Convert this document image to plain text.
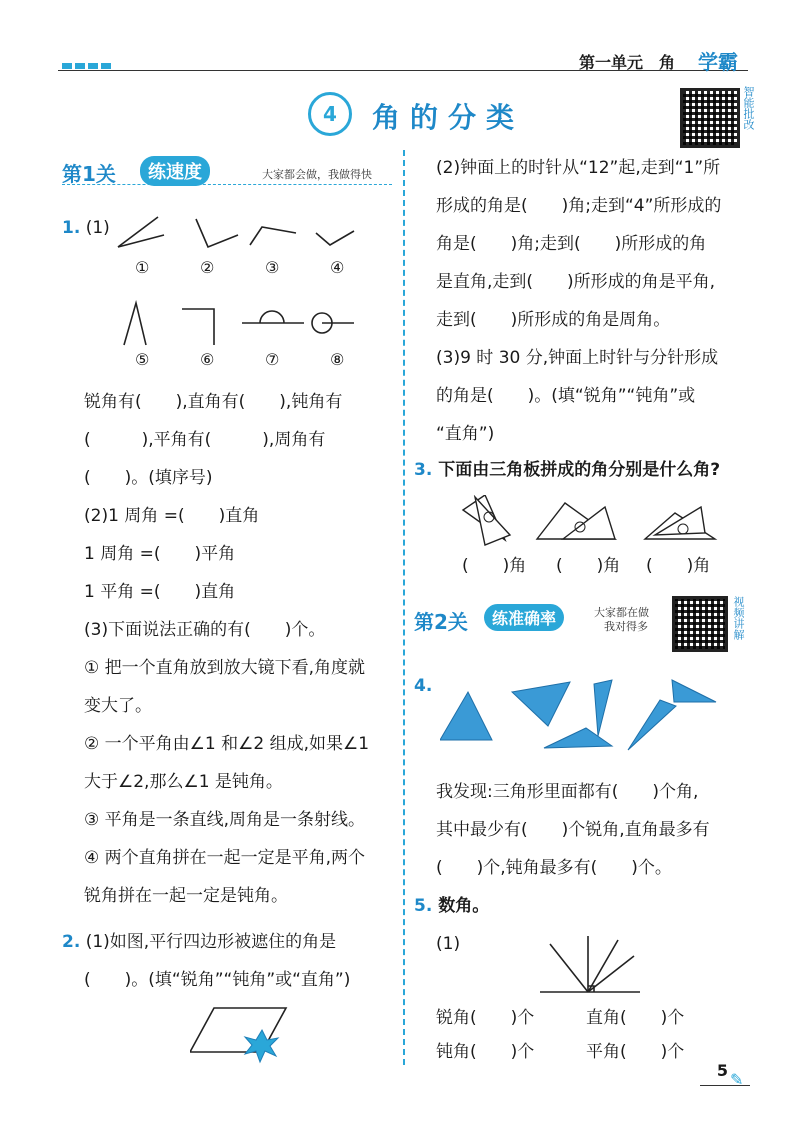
第一单元　角 学霸
4	角的分类	智能批改
第1关	练速度	大家都会做，我做得快
1. (1)
①	②	③	④
⑤	⑥	⑦	⑧
锐角有(　　),直角有(　　),钝角有
(　　　),平角有(　　　),周角有
(　　)。(填序号)
(2)1 周角 =(　　)直角
1 周角 =(　　)平角
1 平角 =(　　)直角
(3)下面说法正确的有(　　)个。
① 把一个直角放到放大镜下看,角度就
变大了。
② 一个平角由∠1 和∠2 组成,如果∠1
大于∠2,那么∠1 是钝角。
③ 平角是一条直线,周角是一条射线。
④ 两个直角拼在一起一定是平角,两个
锐角拼在一起一定是钝角。
2. (1)如图,平行四边形被遮住的角是
(　　)。(填“锐角”“钝角”或“直角”)
(2)钟面上的时针从“12”起,走到“1”所
形成的角是(　　)角;走到“4”所形成的
角是(　　)角;走到(　　)所形成的角
是直角,走到(　　)所形成的角是平角,
走到(　　)所形成的角是周角。
(3)9 时 30 分,钟面上时针与分针形成
的角是(　　)。(填“锐角”“钝角”或
“直角”)
3. 下面由三角板拼成的角分别是什么角?
(　　)角 (　　)角 (　　)角
第2关	练准确率	大家都在做
我对得多	视频讲解
4.
我发现:三角形里面都有(　　)个角,
其中最少有(　　)个锐角,直角最多有
(　　)个,钝角最多有(　　)个。
5. 数角。
(1)
锐角(　　)个	直角(　　)个
钝角(　　)个	平角(　　)个
5 ✎
